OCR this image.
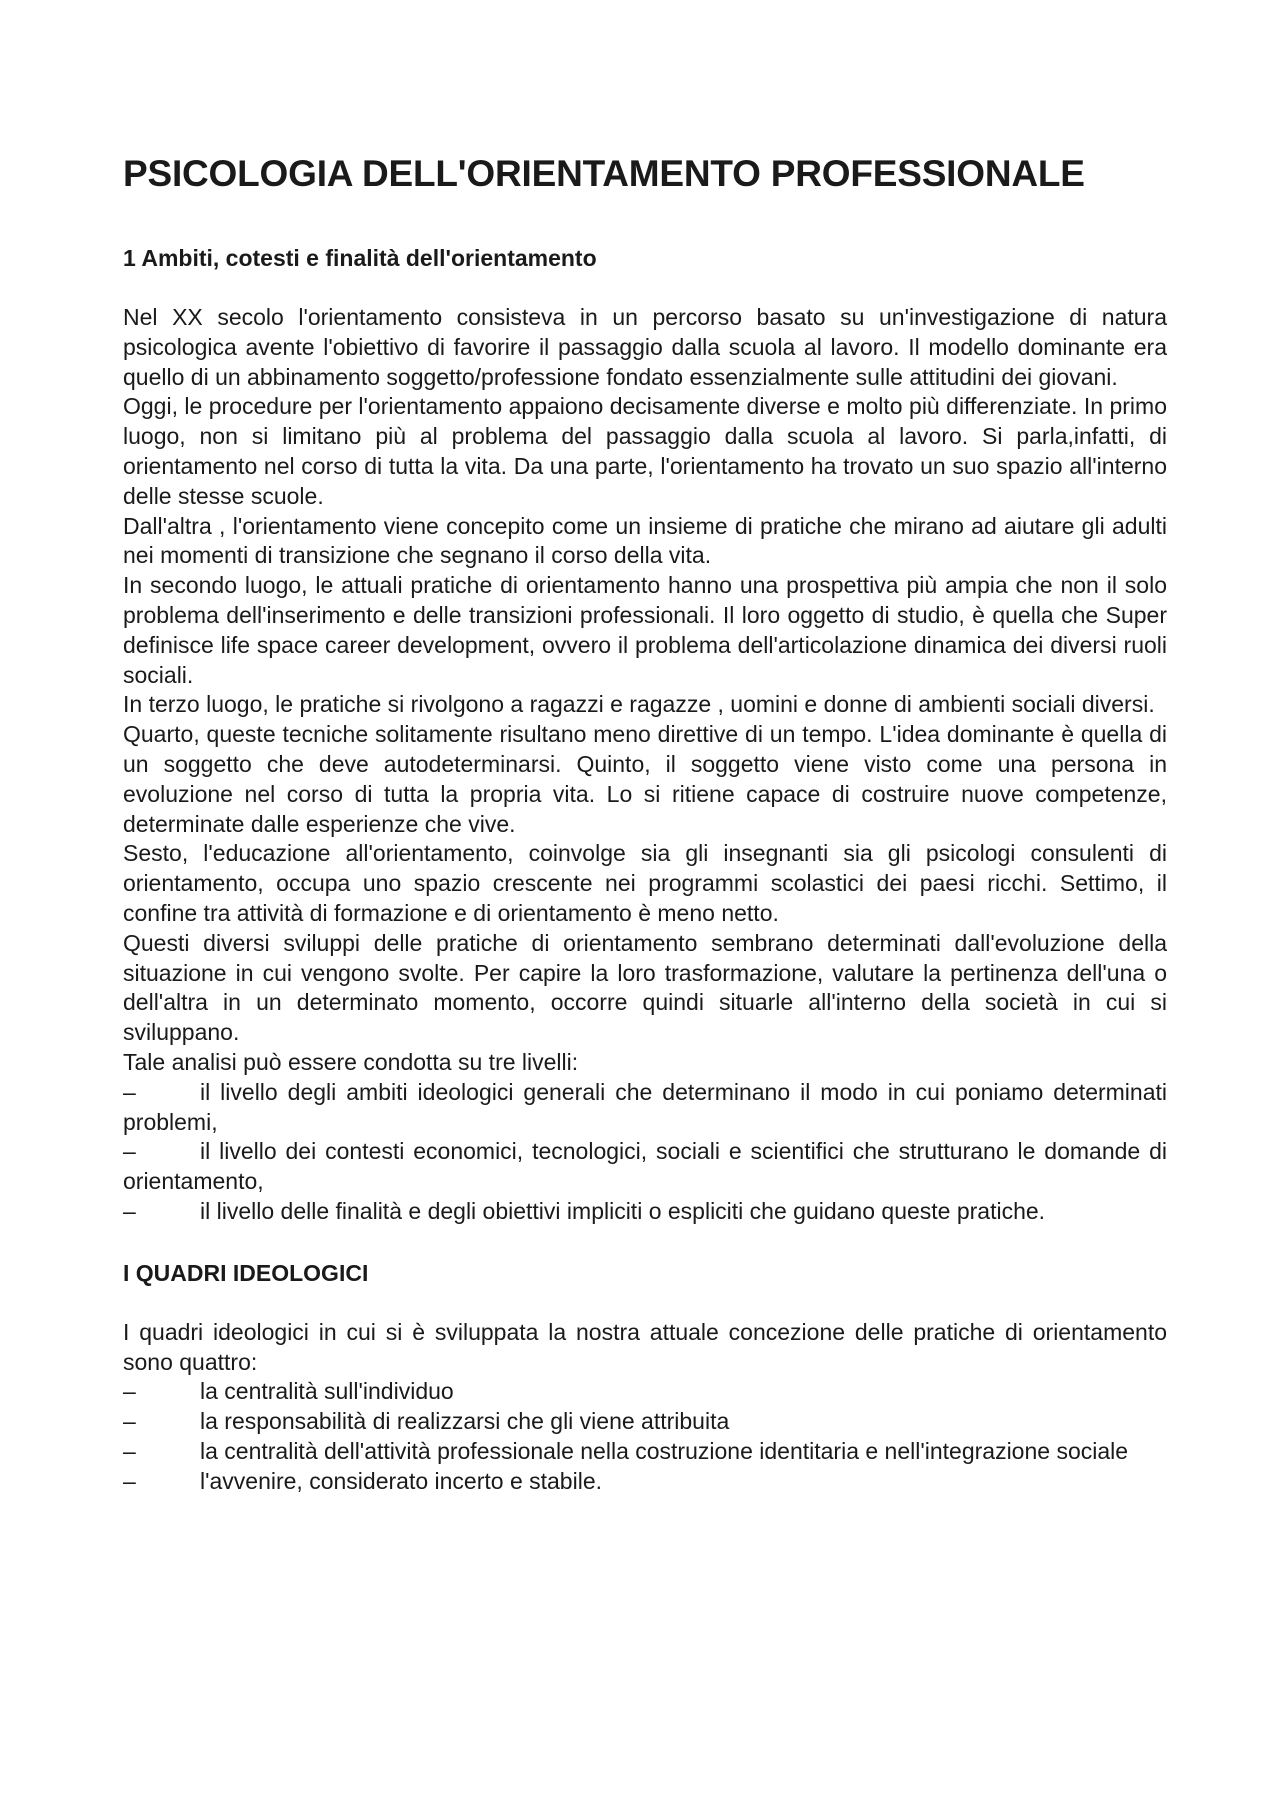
PSICOLOGIA DELL'ORIENTAMENTO PROFESSIONALE
1 Ambiti, cotesti e finalità dell'orientamento

Nel XX secolo l'orientamento consisteva in un percorso basato su un'investigazione di natura psicologica avente l'obiettivo di favorire il passaggio dalla scuola al lavoro. Il modello dominante era quello di un abbinamento soggetto/professione fondato essenzialmente sulle attitudini dei giovani.

Oggi, le procedure per l'orientamento appaiono decisamente diverse e molto più differenziate. In primo luogo, non si limitano più al problema del passaggio dalla scuola al lavoro. Si parla,infatti, di orientamento nel corso di tutta la vita. Da una parte, l'orientamento ha trovato un suo spazio all'interno delle stesse scuole.

Dall'altra , l'orientamento viene concepito come un insieme di pratiche che mirano ad aiutare gli adulti nei momenti di transizione che segnano il corso della vita.

In secondo luogo, le attuali pratiche di orientamento hanno una prospettiva più ampia che non il solo problema dell'inserimento e delle transizioni professionali. Il loro oggetto di studio, è quella che Super definisce life space career development, ovvero il problema dell'articolazione dinamica dei diversi ruoli sociali.

In terzo luogo, le pratiche si rivolgono a ragazzi e ragazze , uomini e donne di ambienti sociali diversi.

Quarto, queste tecniche solitamente risultano meno direttive di un tempo. L'idea dominante è quella di un soggetto che deve autodeterminarsi. Quinto, il soggetto viene visto come una persona in evoluzione nel corso di tutta la propria vita. Lo si ritiene capace di costruire nuove competenze, determinate dalle esperienze che vive.

Sesto, l'educazione all'orientamento, coinvolge sia gli insegnanti sia gli psicologi consulenti di orientamento, occupa uno spazio crescente nei programmi scolastici dei paesi ricchi. Settimo, il confine tra attività di formazione e di orientamento è meno netto.

Questi diversi sviluppi delle pratiche di orientamento sembrano determinati dall'evoluzione della situazione in cui vengono svolte. Per capire la loro trasformazione, valutare la pertinenza dell'una o dell'altra in un determinato momento, occorre quindi situarle all'interno della società in cui si sviluppano.

Tale analisi può essere condotta su tre livelli:

–	il livello degli ambiti ideologici generali che determinano il modo in cui poniamo determinati problemi,

–	il livello dei contesti economici, tecnologici, sociali e scientifici che strutturano le domande di orientamento,

–	il livello delle finalità e degli obiettivi impliciti o espliciti che guidano queste pratiche.

I QUADRI IDEOLOGICI

I quadri ideologici in cui si è sviluppata la nostra attuale concezione delle pratiche di orientamento sono quattro:

–	la centralità sull'individuo

–	la responsabilità di realizzarsi che gli viene attribuita

–	la centralità dell'attività professionale nella costruzione identitaria e nell'integrazione sociale

–	l'avvenire, considerato incerto e stabile.
